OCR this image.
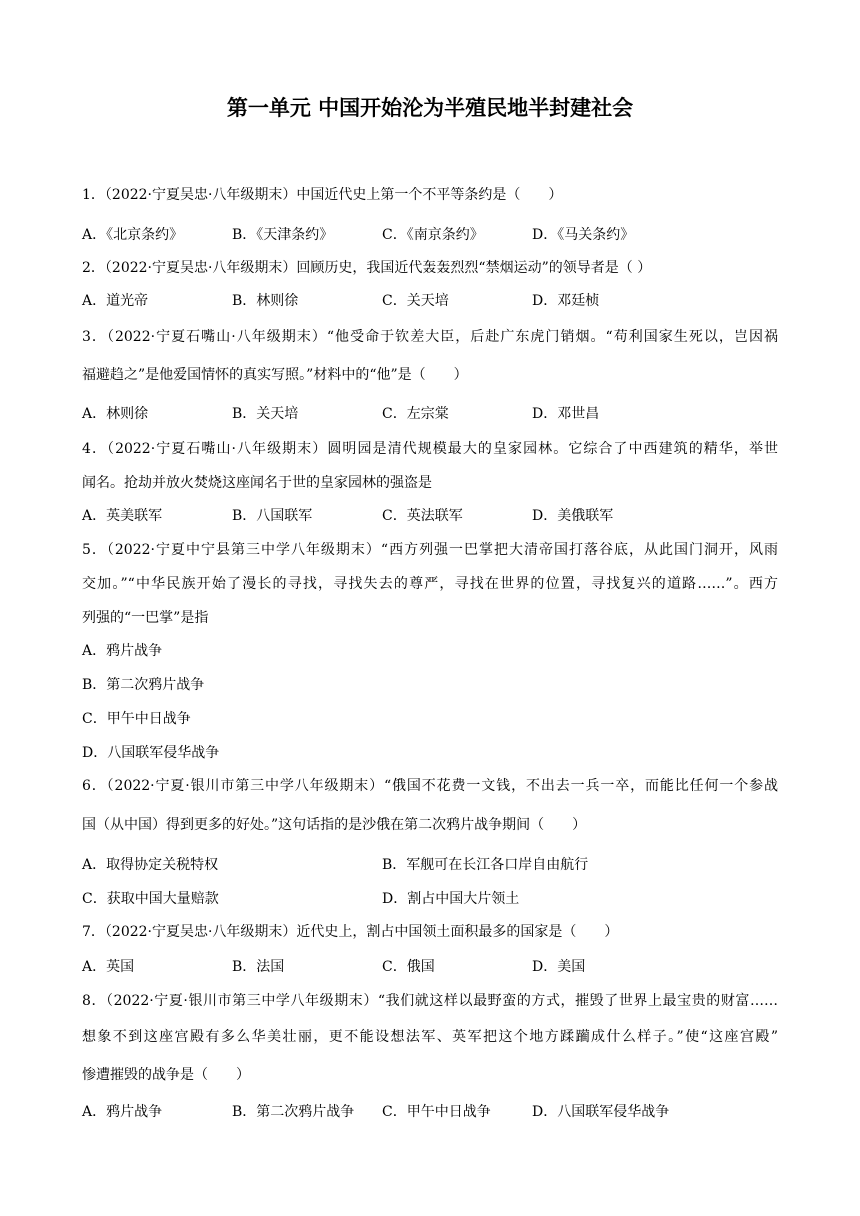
第一单元 中国开始沦为半殖民地半封建社会
1．（2022·宁夏吴忠·八年级期末）中国近代史上第一个不平等条约是（　　）
A．《北京条约》	B．《天津条约》	C．《南京条约》	D．《马关条约》
2．（2022·宁夏吴忠·八年级期末）回顾历史，我国近代轰轰烈烈“禁烟运动”的领导者是（ ）
A．道光帝	B．林则徐	C．关天培	D．邓廷桢
3．（2022·宁夏石嘴山·八年级期末）“他受命于钦差大臣，后赴广东虎门销烟。“苟利国家生死以，岂因祸
福避趋之”是他爱国情怀的真实写照。”材料中的“他”是（　　）
A．林则徐	B．关天培	C．左宗棠	D．邓世昌
4．（2022·宁夏石嘴山·八年级期末）圆明园是清代规模最大的皇家园林。它综合了中西建筑的精华，举世
闻名。抢劫并放火焚烧这座闻名于世的皇家园林的强盗是
A．英美联军	B．八国联军	C．英法联军	D．美俄联军
5．（2022·宁夏中宁县第三中学八年级期末）“西方列强一巴掌把大清帝国打落谷底，从此国门洞开，风雨
交加。”“中华民族开始了漫长的寻找，寻找失去的尊严，寻找在世界的位置，寻找复兴的道路……”。西方
列强的“一巴掌”是指
A．鸦片战争
B．第二次鸦片战争
C．甲午中日战争
D．八国联军侵华战争
6．（2022·宁夏·银川市第三中学八年级期末）“俄国不花费一文钱，不出去一兵一卒，而能比任何一个参战
国（从中国）得到更多的好处。”这句话指的是沙俄在第二次鸦片战争期间（　　）
A．取得协定关税特权	B．军舰可在长江各口岸自由航行
C．获取中国大量赔款	D．割占中国大片领土
7．（2022·宁夏吴忠·八年级期末）近代史上，割占中国领土面积最多的国家是（　　）
A．英国	B．法国	C．俄国	D．美国
8．（2022·宁夏·银川市第三中学八年级期末）“我们就这样以最野蛮的方式，摧毁了世界上最宝贵的财富……
想象不到这座宫殿有多么华美壮丽，更不能设想法军、英军把这个地方蹂躏成什么样子。”使“这座宫殿”
惨遭摧毁的战争是（　　）
A．鸦片战争	B．第二次鸦片战争 C．甲午中日战争	D．八国联军侵华战争
